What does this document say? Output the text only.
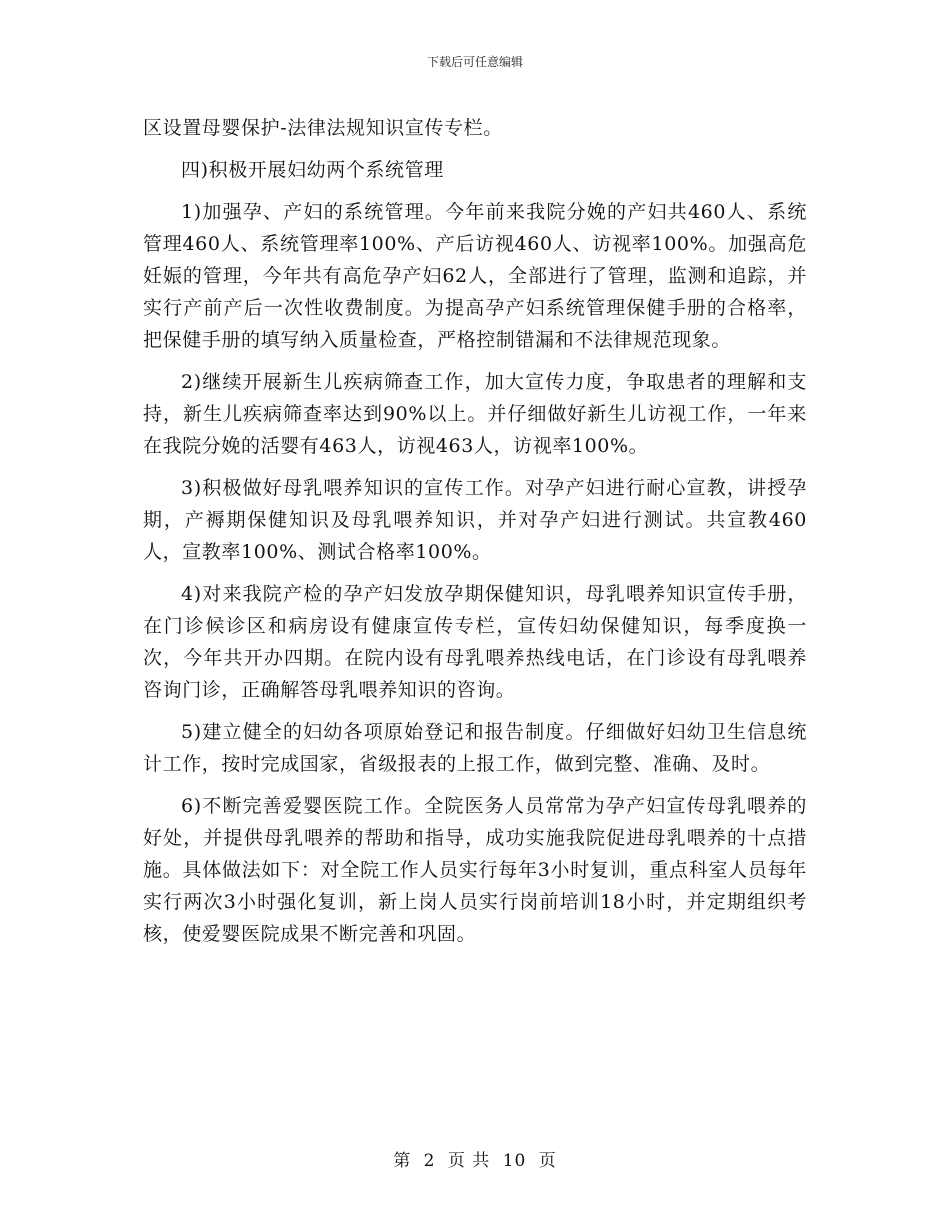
下载后可任意编辑

区设置母婴保护-法律法规知识宣传专栏。

四)积极开展妇幼两个系统管理

1)加强孕、产妇的系统管理。今年前来我院分娩的产妇共460人、系统管理460人、系统管理率100%、产后访视460人、访视率100%。加强高危妊娠的管理，今年共有高危孕产妇62人，全部进行了管理，监测和追踪，并实行产前产后一次性收费制度。为提高孕产妇系统管理保健手册的合格率，把保健手册的填写纳入质量检查，严格控制错漏和不法律规范现象。

2)继续开展新生儿疾病筛查工作，加大宣传力度，争取患者的理解和支持，新生儿疾病筛查率达到90%以上。并仔细做好新生儿访视工作，一年来在我院分娩的活婴有463人，访视463人，访视率100%。

3)积极做好母乳喂养知识的宣传工作。对孕产妇进行耐心宣教，讲授孕期，产褥期保健知识及母乳喂养知识，并对孕产妇进行测试。共宣教460人，宣教率100%、测试合格率100%。

4)对来我院产检的孕产妇发放孕期保健知识，母乳喂养知识宣传手册，在门诊候诊区和病房设有健康宣传专栏，宣传妇幼保健知识，每季度换一次，今年共开办四期。在院内设有母乳喂养热线电话，在门诊设有母乳喂养咨询门诊，正确解答母乳喂养知识的咨询。

5)建立健全的妇幼各项原始登记和报告制度。仔细做好妇幼卫生信息统计工作，按时完成国家，省级报表的上报工作，做到完整、准确、及时。

6)不断完善爱婴医院工作。全院医务人员常常为孕产妇宣传母乳喂养的好处，并提供母乳喂养的帮助和指导，成功实施我院促进母乳喂养的十点措施。具体做法如下：对全院工作人员实行每年3小时复训，重点科室人员每年实行两次3小时强化复训，新上岗人员实行岗前培训18小时，并定期组织考核，使爱婴医院成果不断完善和巩固。

第 2 页 共 10 页
